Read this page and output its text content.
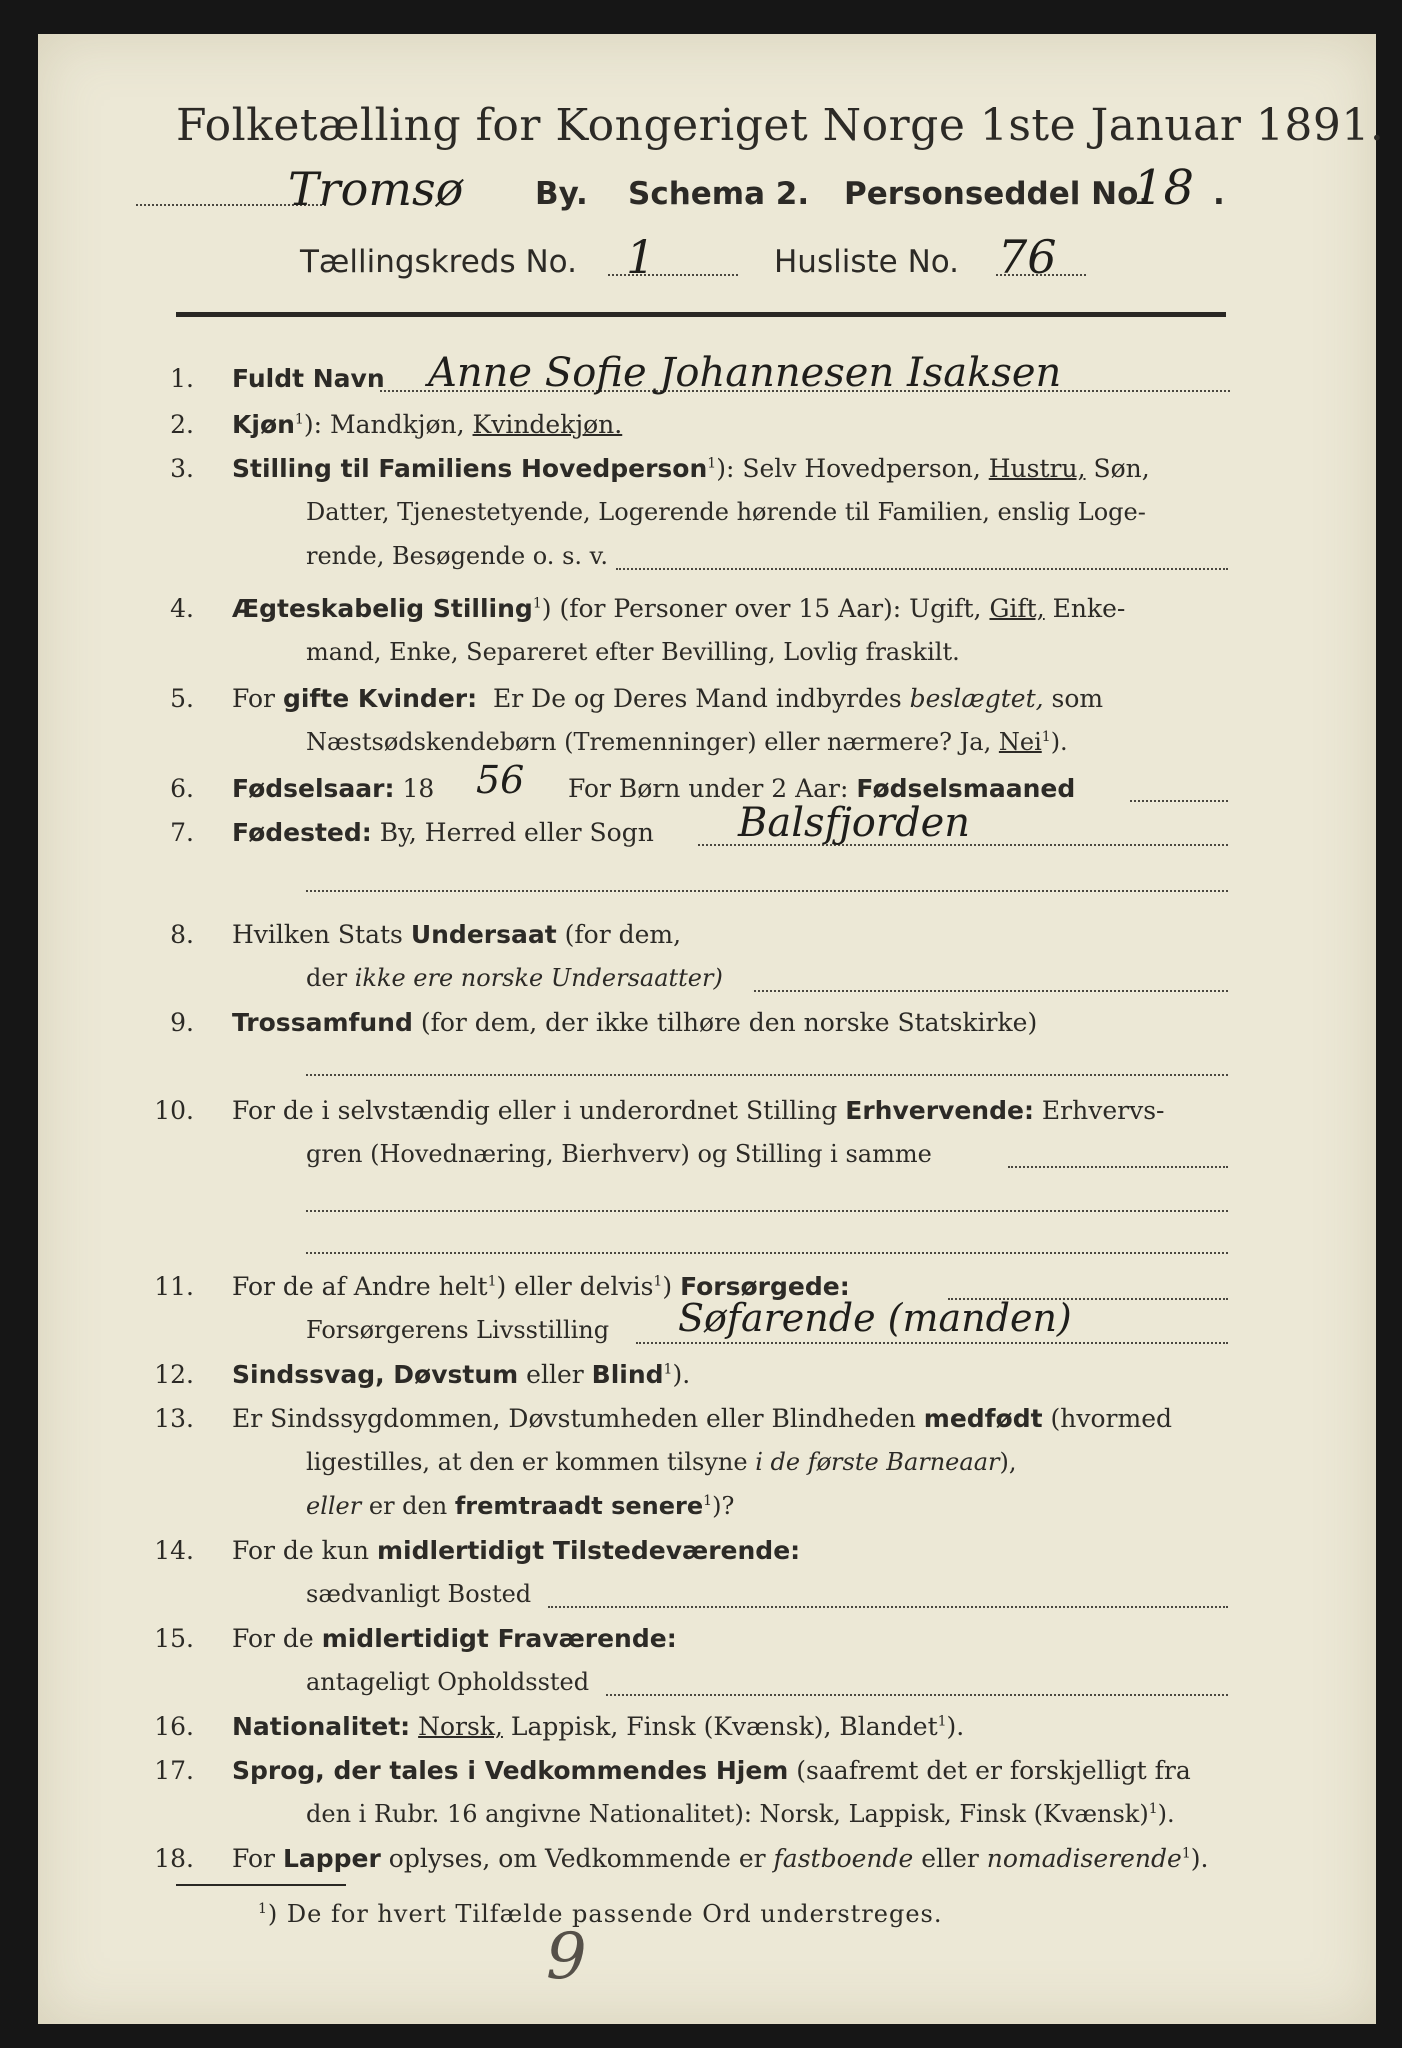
Folketælling for Kongeriget Norge 1ste Januar 1891.
Tromsø By. Schema 2. Personseddel No.
18 .
Tællingskreds No. 1	Husliste No. 76
1. Fuldt Navn Anne Sofie Johannesen Isaksen
2. Kjøn$^1$): Mandkjøn, Kvindekjøn.
3. Stilling til Familiens Hovedperson$^1$): Selv Hovedperson, Hustru, Søn,
Datter, Tjenestetyende, Logerende hørende til Familien, enslig Loge-
rende, Besøgende o. s. v.
4. Ægteskabelig Stilling$^1$) (for Personer over 15 Aar): Ugift, Gift, Enke-
mand, Enke, Separeret efter Bevilling, Lovlig fraskilt.
5. For gifte Kvinder: Er De og Deres Mand indbyrdes beslægtet, som
Næstsødskendebørn (Tremenninger) eller nærmere? Ja, Nei$^1$).
6. Fødselsaar: 18 56 For Børn under 2 Aar: Fødselsmaaned
7. Fødested: By, Herred eller Sogn Balsfjorden
8. Hvilken Stats Undersaat (for dem,
der ikke ere norske Undersaatter)
9. Trossamfund (for dem, der ikke tilhøre den norske Statskirke)
10. For de i selvstændig eller i underordnet Stilling Erhvervende: Erhvervs-
gren (Hovednæring, Bierhverv) og Stilling i samme
11. For de af Andre helt$^1$) eller delvis$^1$) Forsørgede:
Forsørgerens Livsstilling Søfarende (manden)
12. Sindssvag, Døvstum eller Blind$^1$).
13. Er Sindssygdommen, Døvstumheden eller Blindheden medfødt (hvormed
ligestilles, at den er kommen tilsyne i de første Barneaar),
eller er den fremtraadt senere$^1$)?
14. For de kun midlertidigt Tilstedeværende:
sædvanligt Bosted
15. For de midlertidigt Fraværende:
antageligt Opholdssted
16. Nationalitet: Norsk, Lappisk, Finsk (Kvænsk), Blandet$^1$).
17. Sprog, der tales i Vedkommendes Hjem (saafremt det er forskjelligt fra
den i Rubr. 16 angivne Nationalitet): Norsk, Lappisk, Finsk (Kvænsk)$^1$).
18. For Lapper oplyses, om Vedkommende er fastboende eller nomadiserende$^1$).
$^1$) De for hvert Tilfælde passende Ord understreges.
9
